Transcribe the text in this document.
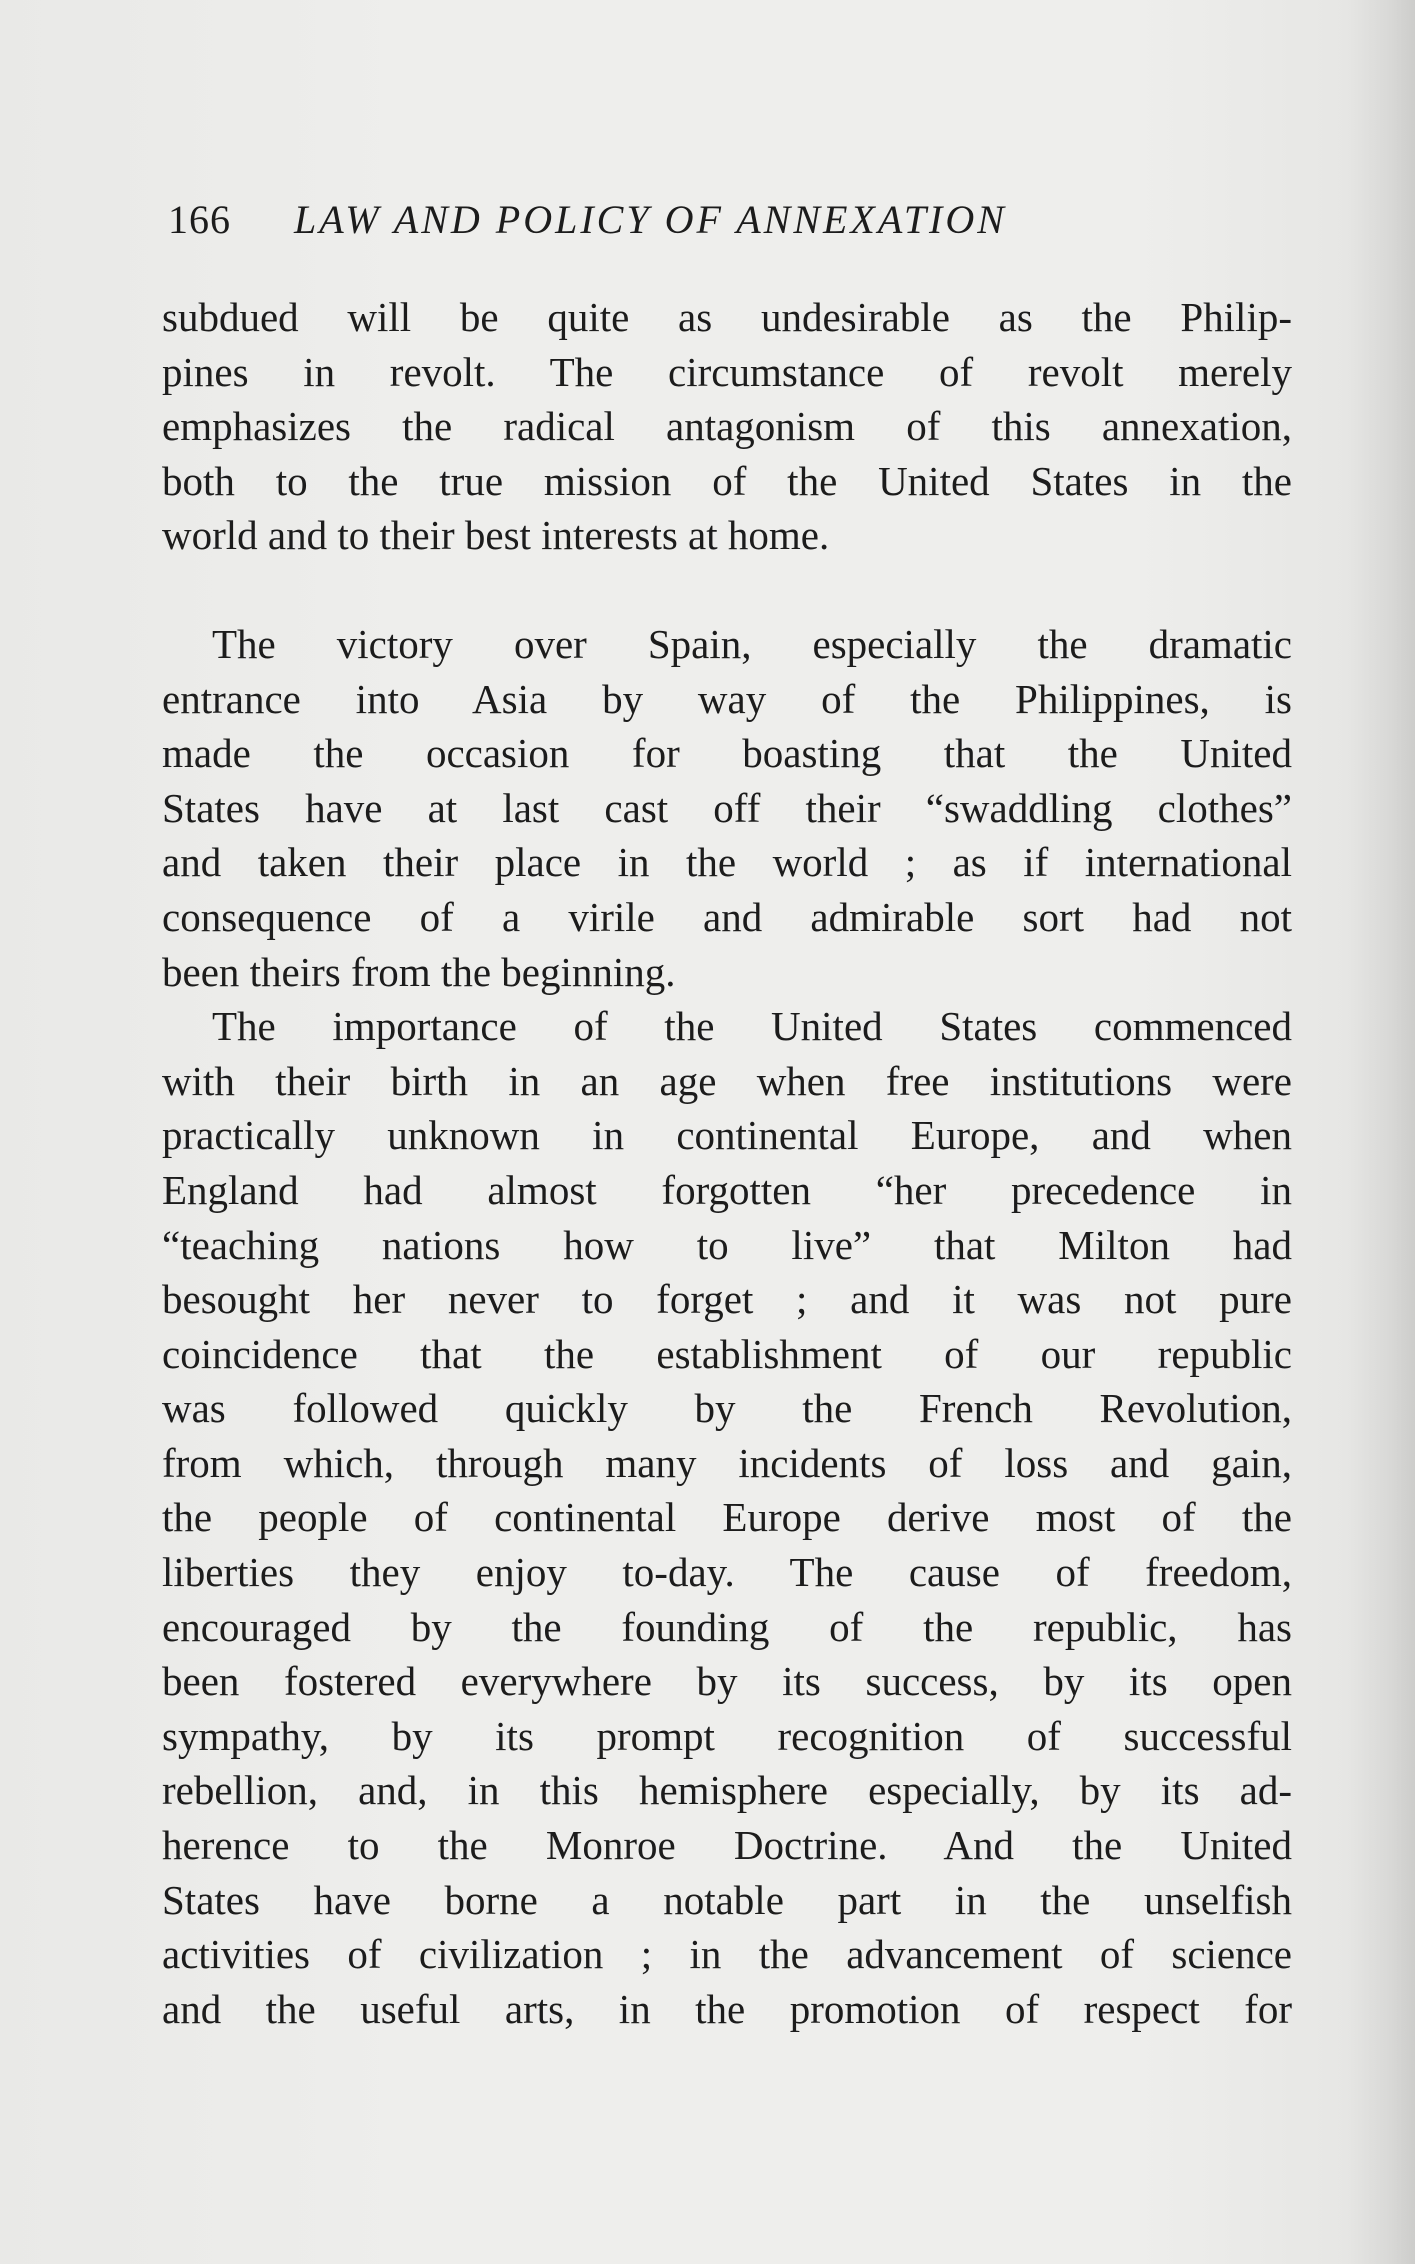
166 LAW AND POLICY OF ANNEXATION
subdued will be quite as undesirable as the Philip-
pines in revolt. The circumstance of revolt merely
emphasizes the radical antagonism of this annexation,
both to the true mission of the United States in the
world and to their best interests at home.
The victory over Spain, especially the dramatic
entrance into Asia by way of the Philippines, is
made the occasion for boasting that the United
States have at last cast off their “swaddling clothes”
and taken their place in the world ; as if international
consequence of a virile and admirable sort had not
been theirs from the beginning.
The importance of the United States commenced
with their birth in an age when free institutions were
practically unknown in continental Europe, and when
England had almost forgotten “her precedence in
“teaching nations how to live” that Milton had
besought her never to forget ; and it was not pure
coincidence that the establishment of our republic
was followed quickly by the French Revolution,
from which, through many incidents of loss and gain,
the people of continental Europe derive most of the
liberties they enjoy to-day. The cause of freedom,
encouraged by the founding of the republic, has
been fostered everywhere by its success, by its open
sympathy, by its prompt recognition of successful
rebellion, and, in this hemisphere especially, by its ad-
herence to the Monroe Doctrine. And the United
States have borne a notable part in the unselfish
activities of civilization ; in the advancement of science
and the useful arts, in the promotion of respect for
